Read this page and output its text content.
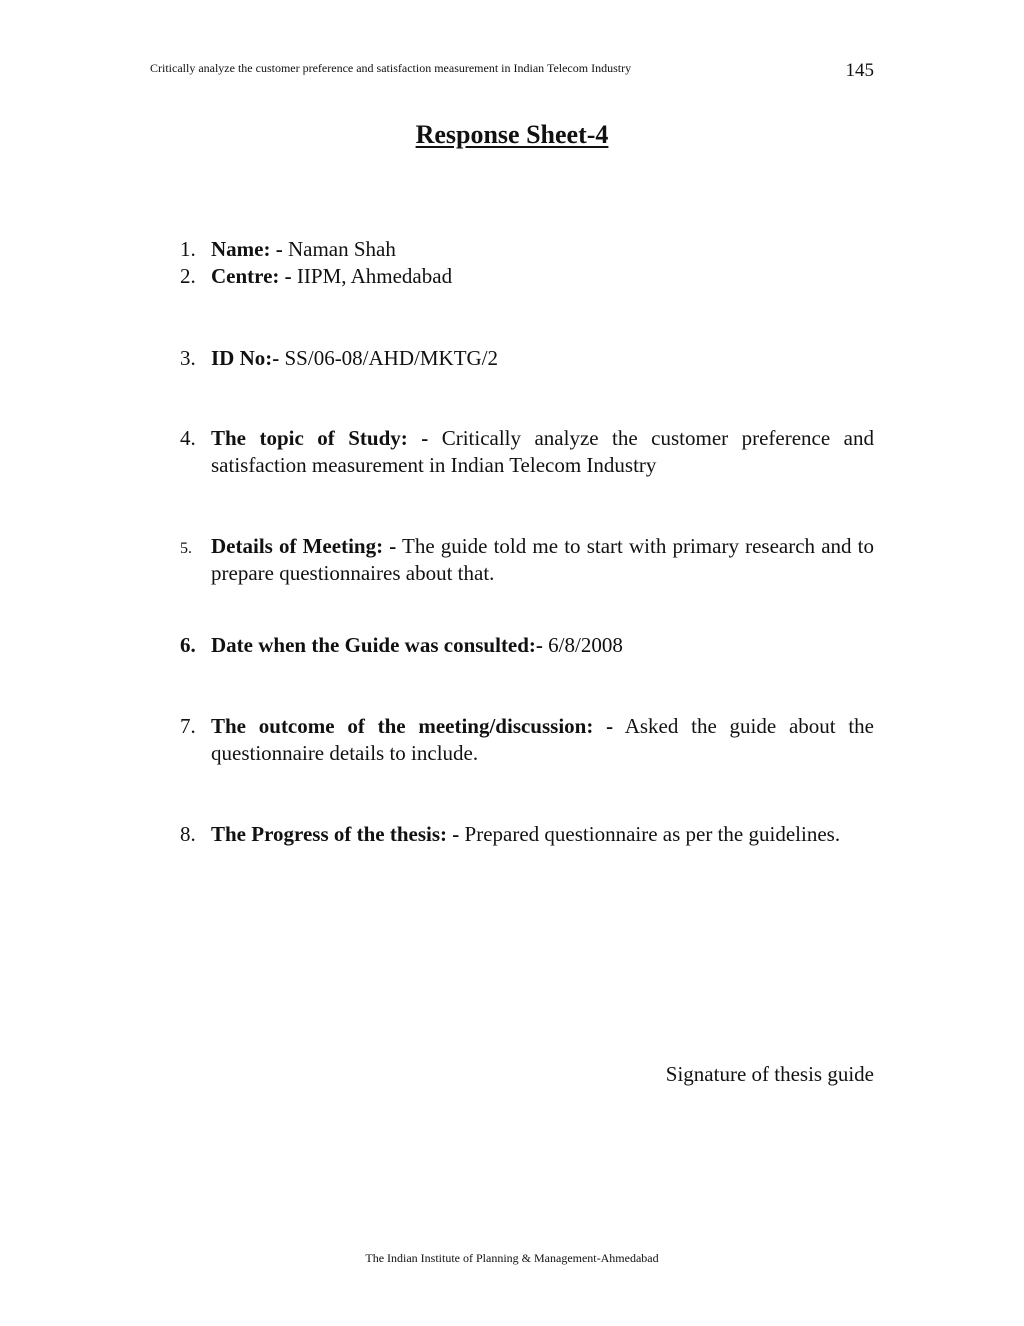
Critically analyze the customer preference and satisfaction measurement in Indian Telecom Industry	145
Response Sheet-4
1. Name: - Naman Shah
2. Centre: - IIPM, Ahmedabad
3. ID No:- SS/06-08/AHD/MKTG/2
4. The topic of Study: - Critically analyze the customer preference and satisfaction measurement in Indian Telecom Industry
5. Details of Meeting: - The guide told me to start with primary research and to prepare questionnaires about that.
6. Date when the Guide was consulted:- 6/8/2008
7. The outcome of the meeting/discussion: - Asked the guide about the questionnaire details to include.
8. The Progress of the thesis: - Prepared questionnaire as per the guidelines.
Signature of thesis guide
The Indian Institute of Planning & Management-Ahmedabad
